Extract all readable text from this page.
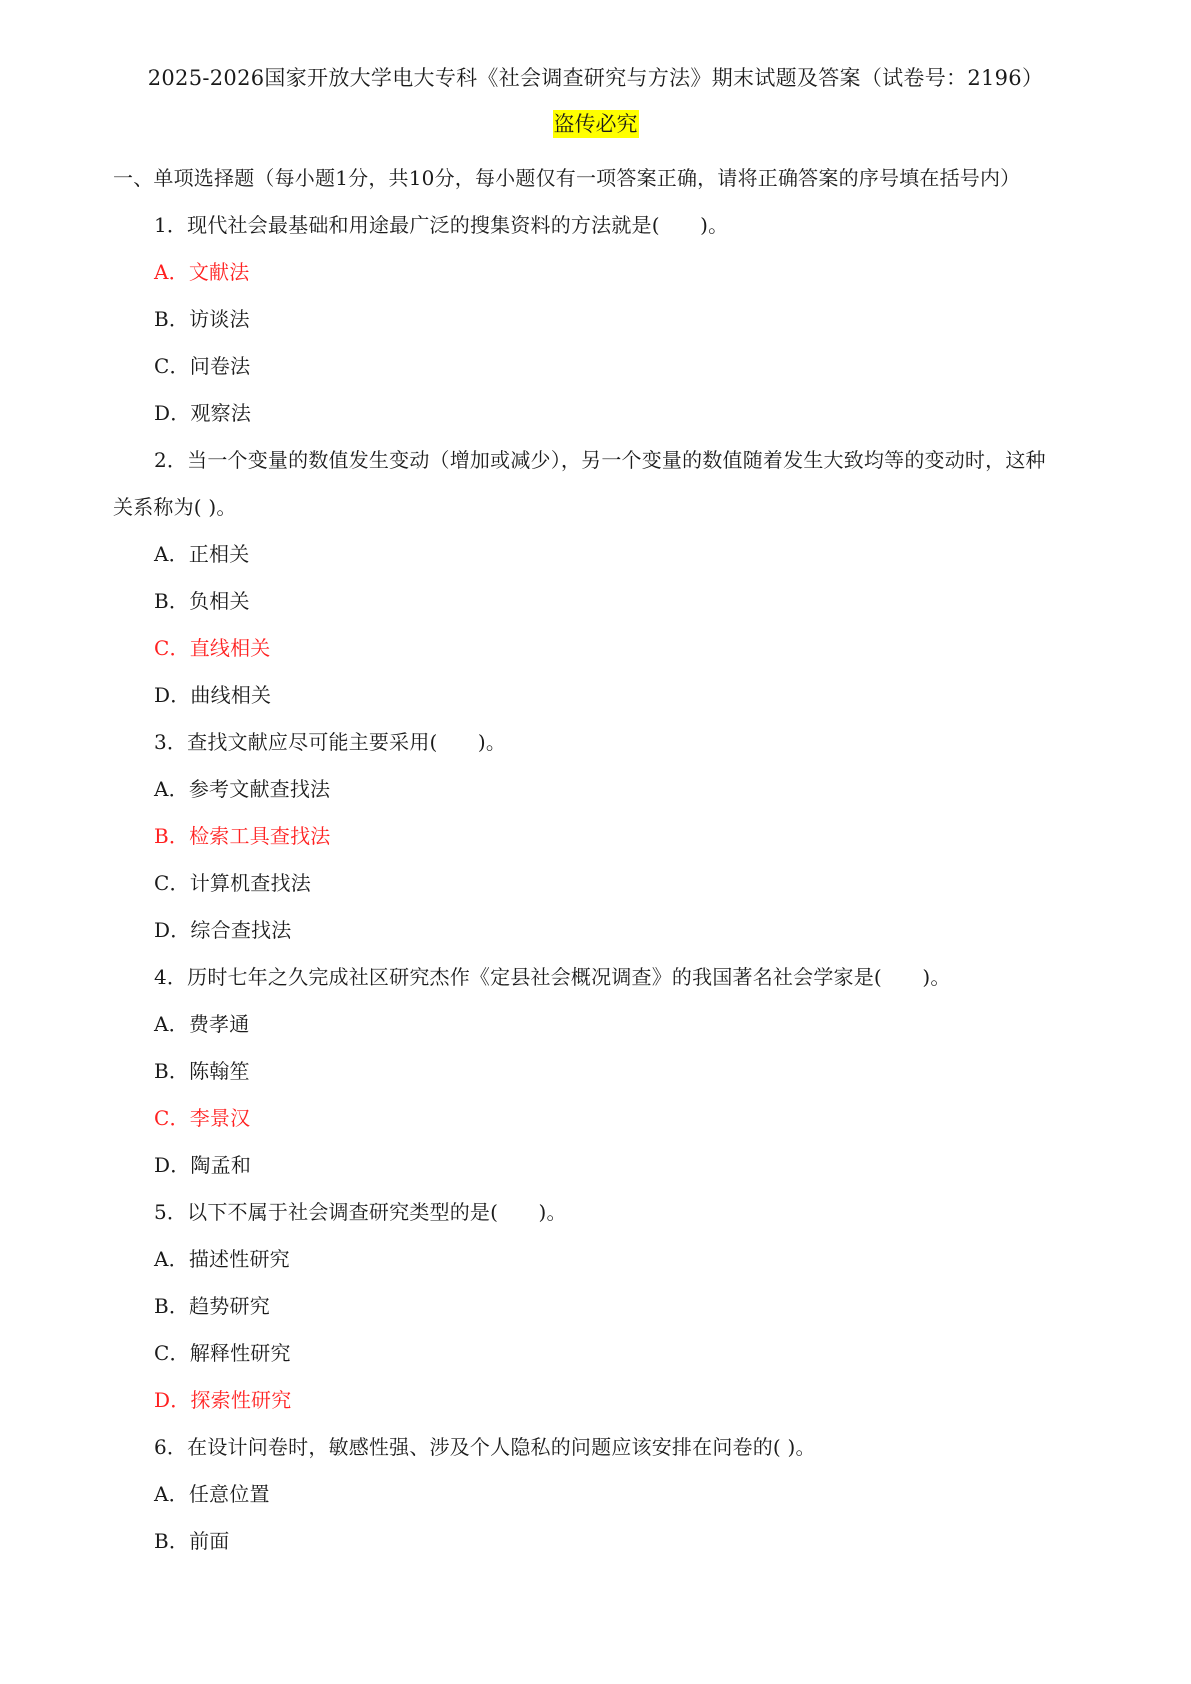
2025-2026国家开放大学电大专科《社会调查研究与方法》期末试题及答案（试卷号：2196）
盗传必究
一、单项选择题（每小题1分，共10分，每小题仅有一项答案正确，请将正确答案的序号填在括号内）
1．现代社会最基础和用途最广泛的搜集资料的方法就是(　　)。
A．文献法
B．访谈法
C．问卷法
D．观察法
2．当一个变量的数值发生变动（增加或减少），另一个变量的数值随着发生大致均等的变动时，这种
关系称为( )。
A．正相关
B．负相关
C．直线相关
D．曲线相关
3．查找文献应尽可能主要采用(　　)。
A．参考文献查找法
B．检索工具查找法
C．计算机查找法
D．综合查找法
4．历时七年之久完成社区研究杰作《定县社会概况调查》的我国著名社会学家是(　　)。
A．费孝通
B．陈翰笙
C．李景汉
D．陶孟和
5．以下不属于社会调查研究类型的是(　　)。
A．描述性研究
B．趋势研究
C．解释性研究
D．探索性研究
6．在设计问卷时，敏感性强、涉及个人隐私的问题应该安排在问卷的( )。
A．任意位置
B．前面
